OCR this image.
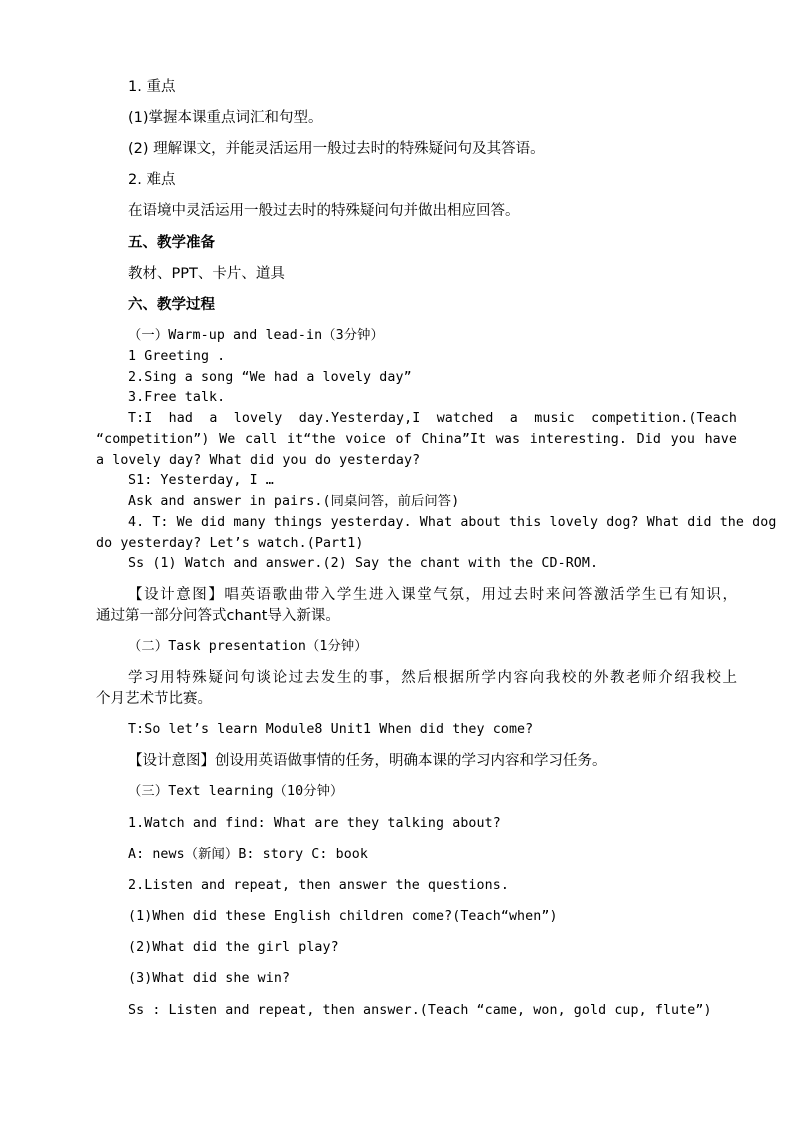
1. 重点
(1)掌握本课重点词汇和句型。
(2) 理解课文，并能灵活运用一般过去时的特殊疑问句及其答语。
2. 难点
在语境中灵活运用一般过去时的特殊疑问句并做出相应回答。
五、教学准备
教材、PPT、卡片、道具
六、教学过程
（一）Warm-up and lead-in（3分钟）
1 Greeting .
2.Sing a song “We had a lovely day”
3.Free talk.
T:I had a lovely day.Yesterday,I watched a music competition.(Teach
“competition”) We call it“the voice of China”It was interesting. Did you have
a lovely day? What did you do yesterday?
S1: Yesterday, I …
Ask and answer in pairs.(同桌问答，前后问答)
4. T: We did many things yesterday. What about this lovely dog? What did the dog
do yesterday? Let’s watch.(Part1)
Ss (1) Watch and answer.(2) Say the chant with the CD-ROM.
【设计意图】唱英语歌曲带入学生进入课堂气氛，用过去时来问答激活学生已有知识，
通过第一部分问答式chant导入新课。
（二）Task presentation（1分钟）
学习用特殊疑问句谈论过去发生的事，然后根据所学内容向我校的外教老师介绍我校上
个月艺术节比赛。
T:So let’s learn Module8 Unit1 When did they come?
【设计意图】创设用英语做事情的任务，明确本课的学习内容和学习任务。
（三）Text learning（10分钟）
1.Watch and find: What are they talking about?
A: news（新闻）B: story C: book
2.Listen and repeat, then answer the questions.
(1)When did these English children come?(Teach“when”)
(2)What did the girl play?
(3)What did she win?
Ss : Listen and repeat, then answer.(Teach “came, won, gold cup, flute”)
